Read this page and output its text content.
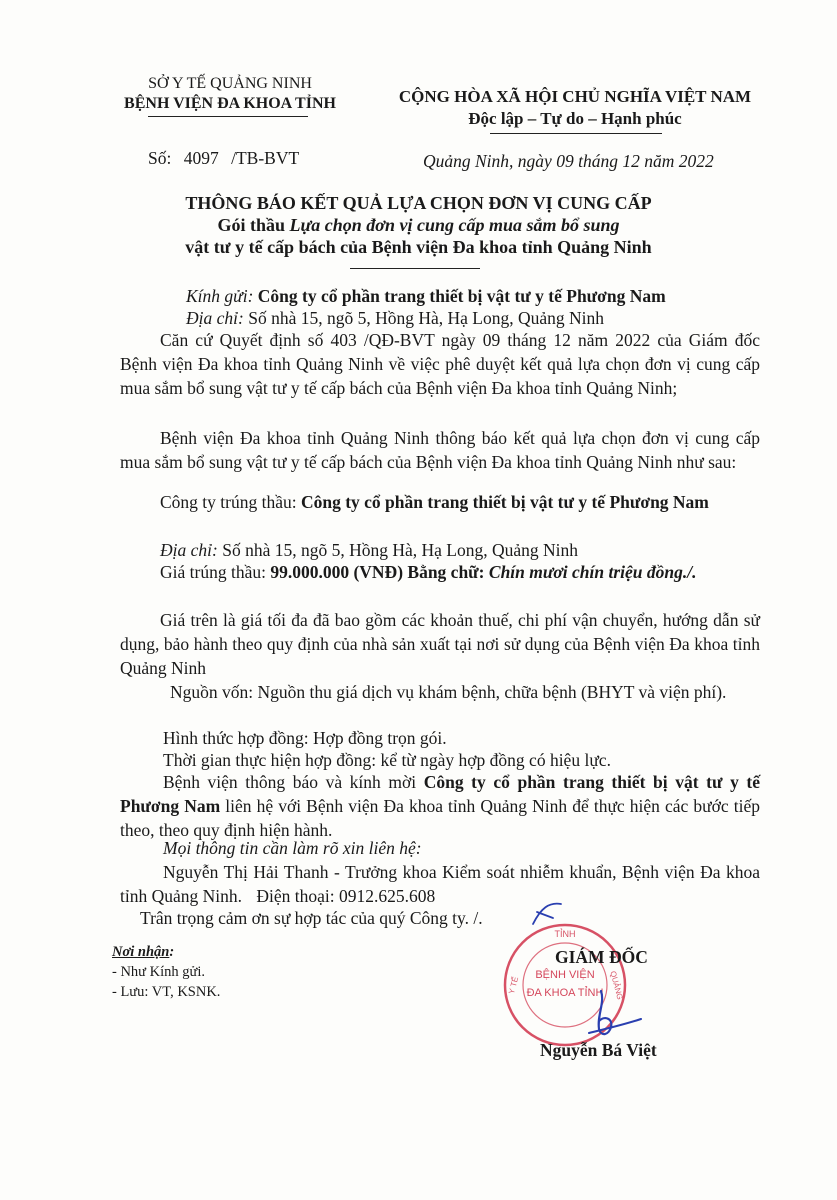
SỞ Y TẾ QUẢNG NINH
BỆNH VIỆN ĐA KHOA TỈNH	CỘNG HÒA XÃ HỘI CHỦ NGHĨA VIỆT NAM
Độc lập – Tự do – Hạnh phúc
Số: 4097 /TB-BVT	Quảng Ninh, ngày 09 tháng 12 năm 2022
THÔNG BÁO KẾT QUẢ LỰA CHỌN ĐƠN VỊ CUNG CẤP
Gói thầu Lựa chọn đơn vị cung cấp mua sắm bổ sung
vật tư y tế cấp bách của Bệnh viện Đa khoa tỉnh Quảng Ninh
Kính gửi: Công ty cổ phần trang thiết bị vật tư y tế Phương Nam
Địa chỉ: Số nhà 15, ngõ 5, Hồng Hà, Hạ Long, Quảng Ninh
Căn cứ Quyết định số 403 /QĐ-BVT ngày 09 tháng 12 năm 2022 của Giám đốc Bệnh viện Đa khoa tỉnh Quảng Ninh về việc phê duyệt kết quả lựa chọn đơn vị cung cấp mua sắm bổ sung vật tư y tế cấp bách của Bệnh viện Đa khoa tỉnh Quảng Ninh;
Bệnh viện Đa khoa tỉnh Quảng Ninh thông báo kết quả lựa chọn đơn vị cung cấp mua sắm bổ sung vật tư y tế cấp bách của Bệnh viện Đa khoa tỉnh Quảng Ninh như sau:
Công ty trúng thầu: Công ty cổ phần trang thiết bị vật tư y tế Phương Nam
Địa chỉ: Số nhà 15, ngõ 5, Hồng Hà, Hạ Long, Quảng Ninh
Giá trúng thầu: 99.000.000 (VNĐ) Bằng chữ: Chín mươi chín triệu đồng./.
Giá trên là giá tối đa đã bao gồm các khoản thuế, chi phí vận chuyển, hướng dẫn sử dụng, bảo hành theo quy định của nhà sản xuất tại nơi sử dụng của Bệnh viện Đa khoa tỉnh Quảng Ninh
Nguồn vốn: Nguồn thu giá dịch vụ khám bệnh, chữa bệnh (BHYT và viện phí).
Hình thức hợp đồng: Hợp đồng trọn gói.
Thời gian thực hiện hợp đồng: kể từ ngày hợp đồng có hiệu lực.
Bệnh viện thông báo và kính mời Công ty cổ phần trang thiết bị vật tư y tế Phương Nam liên hệ với Bệnh viện Đa khoa tỉnh Quảng Ninh để thực hiện các bước tiếp theo, theo quy định hiện hành.
Mọi thông tin cần làm rõ xin liên hệ:
Nguyễn Thị Hải Thanh - Trưởng khoa Kiểm soát nhiễm khuẩn, Bệnh viện Đa khoa tỉnh Quảng Ninh. Điện thoại: 0912.625.608
Trân trọng cảm ơn sự hợp tác của quý Công ty. /.
Nơi nhận:
- Như Kính gửi.
- Lưu: VT, KSNK.
TỈNH
BỆNH VIỆN
ĐA KHOA TỈNH
Y TẾ	QUẢNG
GIÁM ĐỐC
Nguyễn Bá Việt
